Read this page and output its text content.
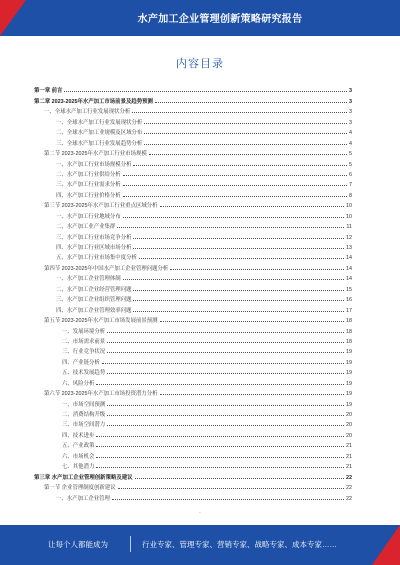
水产加工企业管理创新策略研究报告
内容目录
第一章 前言	3
第二章 2023-2025年水产加工市场前景及趋势预测	3
一、全球水产加工行业发展现状分析	3
一、全球水产加工行业发展现状分析	3
二、全球水产加工业规模及区域分布	4
三、全球水产加工行业发展趋势分析	4
第二节 2023-2025年水产加工行业市场规模	5
一、水产加工行业市场规模分析	5
二、水产加工行业供给分析	6
三、水产加工行业需求分析	7
四、水产加工行业价格分析	8
第三节 2023-2025年水产加工行业重点区域分析	10
一、水产加工行业地域分布	10
二、水产加工业产业集群	11
三、水产加工行业市场竞争分析	12
四、水产加工行业区域市场分析	13
五、水产加工行业市场集中度分析	14
第四节 2023-2025年中国水产加工企业管理问题分析	14
一、水产加工企业管理体制	14
二、水产加工企业经营管理问题	15
三、水产加工企业组织管理问题	16
四、水产加工企业管理效率问题	17
第五节 2023-2025年水产加工市场发展前景预测	18
一、发展环境分析	18
二、市场需求前景	18
三、行业竞争状况	19
四、产业链分析	19
五、技术发展趋势	19
六、风险分析	19
第六节 2023-2025年水产加工市场投资潜力分析	19
一、市场空间预测	19
二、消费结构升级	20
三、市场空间潜力	20
四、技术进步	20
五、产业政策	21
六、市场机会	21
七、其他潜力	21
第三章 水产加工企业管理创新策略及建议	22
第一节 企业管理制度创新建议	22
一、水产加工企业管理	22
·
让每个人都能成为	行业专家、管理专家、营销专家、战略专家、成本专家……
